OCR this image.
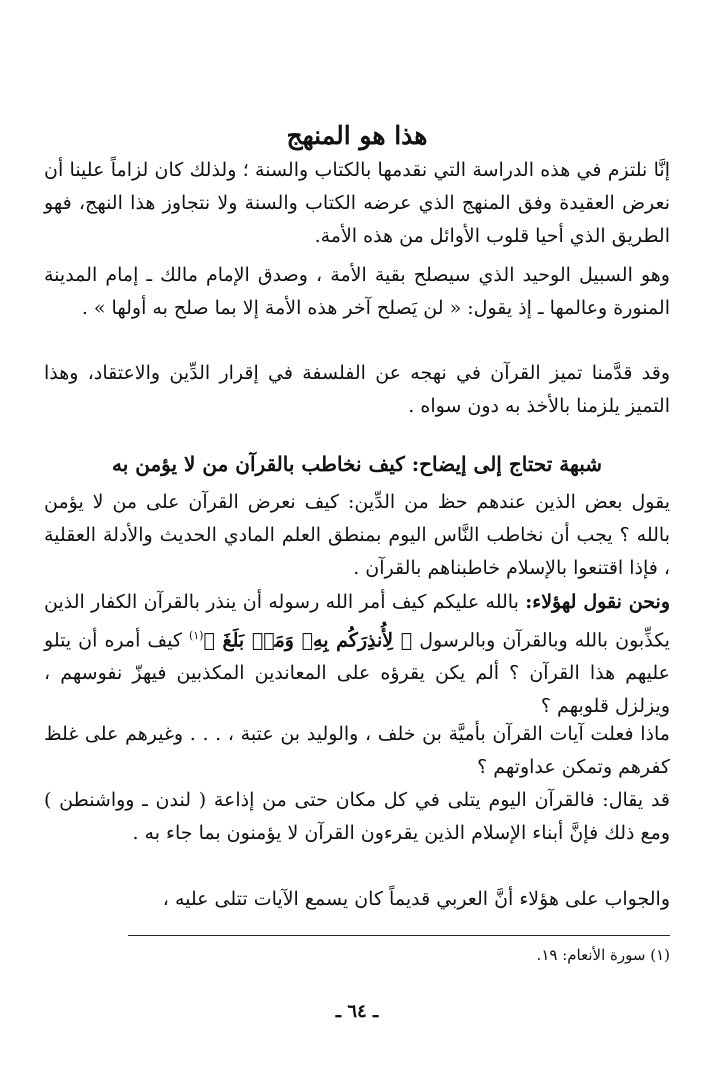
هذا هو المنهج
إنَّا نلتزم في هذه الدراسة التي نقدمها بالكتاب والسنة ؛ ولذلك كان لزاماً علينا أن نعرض العقيدة وفق المنهج الذي عرضه الكتاب والسنة ولا نتجاوز هذا النهج، فهو الطريق الذي أحيا قلوب الأوائل من هذه الأمة.
وهو السبيل الوحيد الذي سيصلح بقية الأمة ، وصدق الإمام مالك ـ إمام المدينة المنورة وعالمها ـ إذ يقول: « لن يَصلح آخر هذه الأمة إلا بما صلح به أولها » .
وقد قدَّمنا تميز القرآن في نهجه عن الفلسفة في إقرار الدِّين والاعتقاد، وهذا التميز يلزمنا بالأخذ به دون سواه .
شبهة تحتاج إلى إيضاح: كيف نخاطب بالقرآن من لا يؤمن به
يقول بعض الذين عندهم حظ من الدِّين: كيف نعرض القرآن على من لا يؤمن بالله ؟ يجب أن نخاطب النَّاس اليوم بمنطق العلم المادي الحديث والأدلة العقلية ، فإذا اقتنعوا بالإسلام خاطبناهم بالقرآن .
ونحن نقول لهؤلاء: بالله عليكم كيف أمر الله رسوله أن ينذر بالقرآن الكفار الذين يكذِّبون بالله وبالقرآن وبالرسول ﴿ لِأُنذِرَكُم بِهِۦ وَمَنۢ بَلَغَ ﴾$^{(١)}$ كيف أمره أن يتلو عليهم هذا القرآن ؟ ألم يكن يقرؤه على المعاندين المكذبين فيهزّ نفوسهم ، ويزلزل قلوبهم ؟
ماذا فعلت آيات القرآن بأميَّة بن خلف ، والوليد بن عتبة ، . . . وغيرهم على غلظ كفرهم وتمكن عداوتهم ؟
قد يقال: فالقرآن اليوم يتلى في كل مكان حتى من إذاعة ( لندن ـ وواشنطن ) ومع ذلك فإنَّ أبناء الإسلام الذين يقرءون القرآن لا يؤمنون بما جاء به .
والجواب على هؤلاء أنَّ العربي قديماً كان يسمع الآيات تتلى عليه ،
(١) سورة الأنعام: ١٩.
ـ ٦٤ ـ
